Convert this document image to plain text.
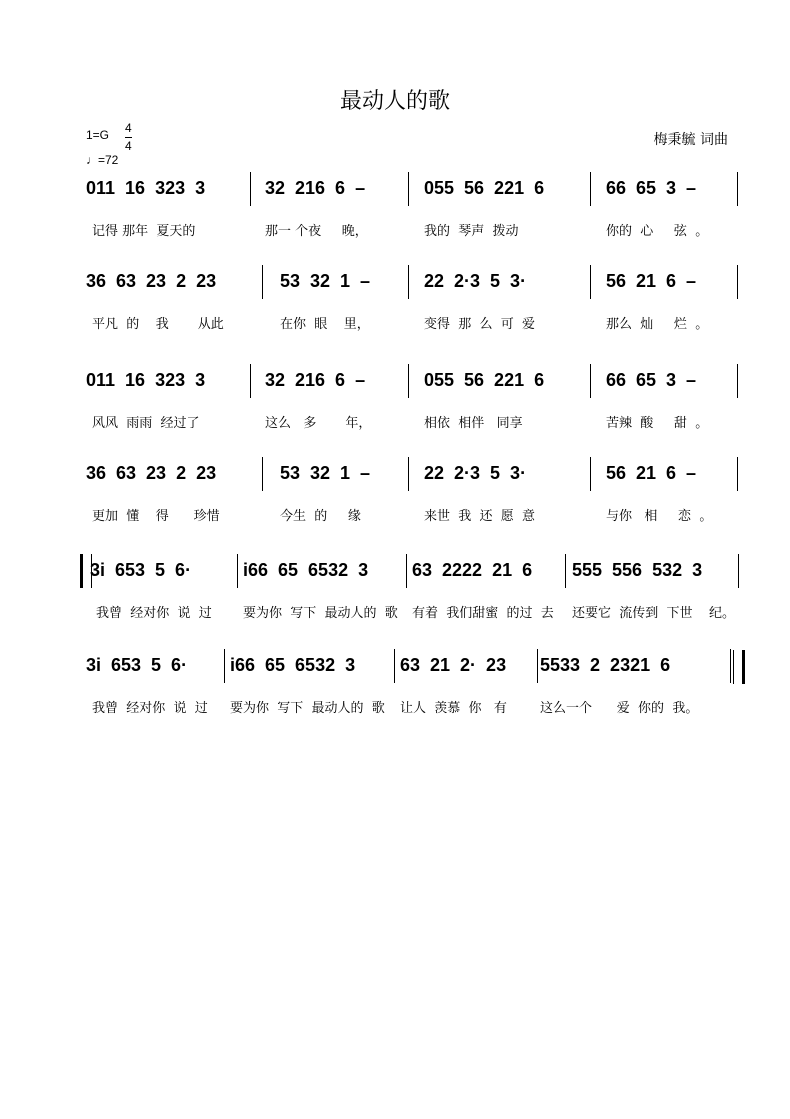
最动人的歌
$1=G \frac{4}{4}$
♩=72
梅秉毓 词曲
011  16  323  3
记得 那年  夏天的
32  216  6  –
那一 个夜     晚，
055  56  221  6
我的  琴声  拨动
66  65  3  –
你的  心     弦  。
36  63  23  2  23
平凡  的    我       从此
53  32  1  –
在你  眼    里，
22  2·3  5  3·
变得  那  么  可  爱
56  21  6  –
那么  灿     烂  。
011  16  323  3
风风  雨雨  经过了
32  216  6  –
这么   多       年，
055  56  221  6
相依  相伴   同享
66  65  3  –
苦辣  酸     甜  。
36  63  23  2  23
更加  懂    得      珍惜
53  32  1  –
今生  的     缘
22  2·3  5  3·
来世  我  还  愿  意
56  21  6  –
与你   相     恋  。
3i  653  5  6·
我曾  经对你  说  过
i66  65  6532  3
要为你  写下  最动人的  歌
63  2222  21  6
有着  我们甜蜜  的过  去
555  556  532  3
还要它  流传到  下世    纪。
3i  653  5  6·
我曾  经对你  说  过
i66  65  6532  3
要为你  写下  最动人的  歌
63  21  2·  23
让人  羡慕  你   有
5533  2  2321  6
这么一个      爱  你的  我。
